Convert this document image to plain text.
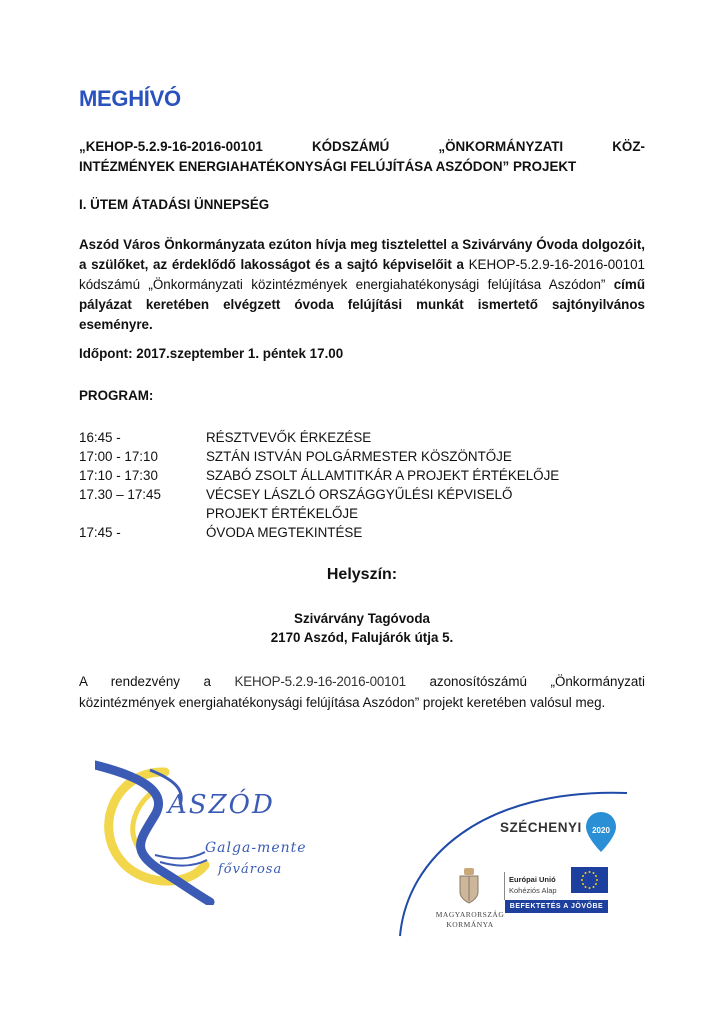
MEGHÍVÓ
„KEHOP-5.2.9-16-2016-00101	KÓDSZÁMÚ	„ÖNKORMÁNYZATI	KÖZ-
INTÉZMÉNYEK ENERGIAHATÉKONYSÁGI FELÚJÍTÁSA ASZÓDON” PROJEKT
I. ÜTEM ÁTADÁSI ÜNNEPSÉG
Aszód Város Önkormányzata ezúton hívja meg tisztelettel a Szivárvány Óvoda dolgozóit, a szülőket, az érdeklődő lakosságot és a sajtó képviselőit a KEHOP-5.2.9-16-2016-00101 kódszámú „Önkormányzati közintézmények energiahatékonysági felújítása Aszódon” című pályázat keretében elvégzett óvoda felújítási munkát ismertető sajtónyilvános eseményre.
Időpont: 2017.szeptember 1. péntek 17.00
PROGRAM:
16:45 -	RÉSZTVEVŐK ÉRKEZÉSE
17:00 - 17:10	SZTÁN ISTVÁN POLGÁRMESTER KÖSZÖNTŐJE
17:10 - 17:30	SZABÓ ZSOLT ÁLLAMTITKÁR A PROJEKT ÉRTÉKELŐJE
17.30 – 17:45	VÉCSEY LÁSZLÓ ORSZÁGGYŰLÉSI KÉPVISELŐ PROJEKT ÉRTÉKELŐJE
17:45 -	ÓVODA MEGTEKINTÉSE
Helyszín:
Szivárvány Tagóvoda
2170 Aszód, Falujárók útja 5.
A rendezvény a KEHOP-5.2.9-16-2016-00101 azonosítószámú „Önkormányzati közintézmények energiahatékonysági felújítása Aszódon” projekt keretében valósul meg.
ASZÓD
Galga-mente
fővárosa
SZÉCHENYI	2020
MAGYARORSZÁG
KORMÁNYA
Európai Unió
Kohéziós Alap
BEFEKTETÉS A JÖVŐBE
